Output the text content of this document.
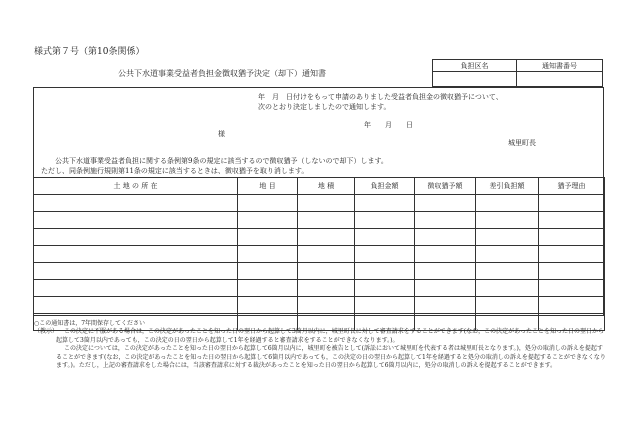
様式第７号（第10条関係）
公共下水道事業受益者負担金徴収猶予決定（却下）通知書
負担区名	通知書番号

年　月　日付けをもって申請のありました受益者負担金の徴収猶予について、
次のとおり決定しましたので通知します。
様
年　　月　　日
城里町長
公共下水道事業受益者負担に関する条例第9条の規定に該当するので徴収猶予（しないので却下）します。
ただし、同条例施行規則第11条の規定に該当するときは、徴収猶予を取り消します。
土 地 の 所 在	地 目	地 積	負担金額	徴収猶予額	差引負担額	猶予理由

○この通知書は，7年間保存してください

（教示） この決定に不服がある場合は，この決定があったことを知った日の翌日から起算して3箇月以内に，城里町長に対して審査請求をすることができます(なお，この決定があったことを知った日の翌日から起算して3箇月以内であっても，この決定の日の翌日から起算して1年を経過すると審査請求をすることができなくなります。)。

この決定については，この決定があったことを知った日の翌日から起算して6箇月以内に，城里町を被告として(訴訟において城里町を代表する者は城里町長となります。)，処分の取消しの訴えを提起することができます(なお，この決定があったことを知った日の翌日から起算して6箇月以内であっても，この決定の日の翌日から起算して1年を経過すると処分の取消しの訴えを提起することができなくなります。)。ただし，上記の審査請求をした場合には，当該審査請求に対する裁決があったことを知った日の翌日から起算して6箇月以内に，処分の取消しの訴えを提起することができます。
